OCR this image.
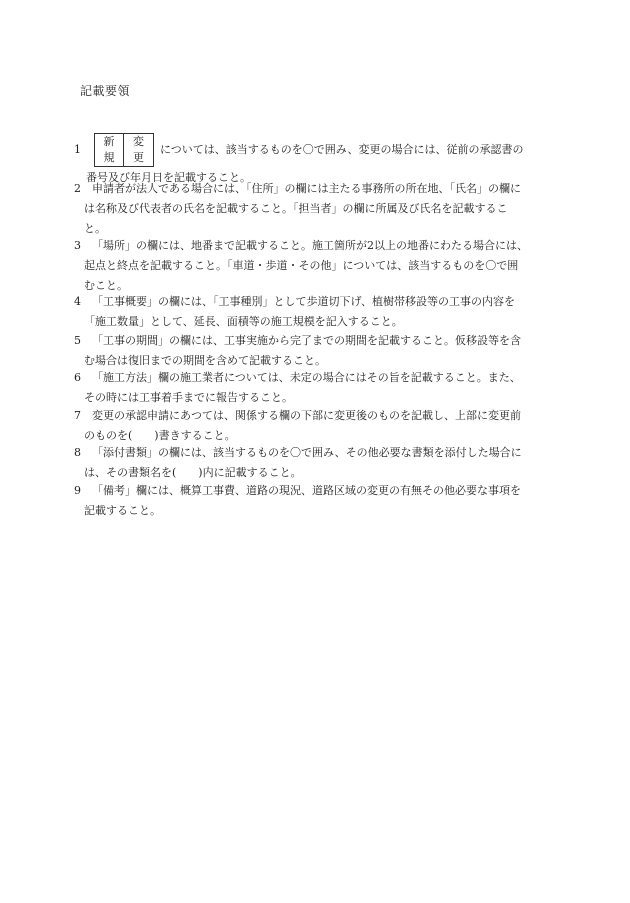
記載要領
1
新	変
規	更
については、該当するものを〇で囲み、変更の場合には、従前の承認書の
番号及び年月日を記載すること。
2 申請者が法人である場合には、「住所」の欄には主たる事務所の所在地、「氏名」の欄に
は名称及び代表者の氏名を記載すること。「担当者」の欄に所属及び氏名を記載するこ
と。
3 「場所」の欄には、地番まで記載すること。施工箇所が2以上の地番にわたる場合には、
起点と終点を記載すること。「車道・歩道・その他」については、該当するものを〇で囲
むこと。
4 「工事概要」の欄には、「工事種別」として歩道切下げ、植樹帯移設等の工事の内容を
「施工数量」として、延長、面積等の施工規模を記入すること。
5 「工事の期間」の欄には、工事実施から完了までの期間を記載すること。仮移設等を含
む場合は復旧までの期間を含めて記載すること。
6 「施工方法」欄の施工業者については、未定の場合にはその旨を記載すること。また、
その時には工事着手までに報告すること。
7 変更の承認申請にあつては、関係する欄の下部に変更後のものを記載し、上部に変更前
のものを(　　)書きすること。
8 「添付書類」の欄には、該当するものを〇で囲み、その他必要な書類を添付した場合に
は、その書類名を(　　)内に記載すること。
9 「備考」欄には、概算工事費、道路の現況、道路区域の変更の有無その他必要な事項を
記載すること。
